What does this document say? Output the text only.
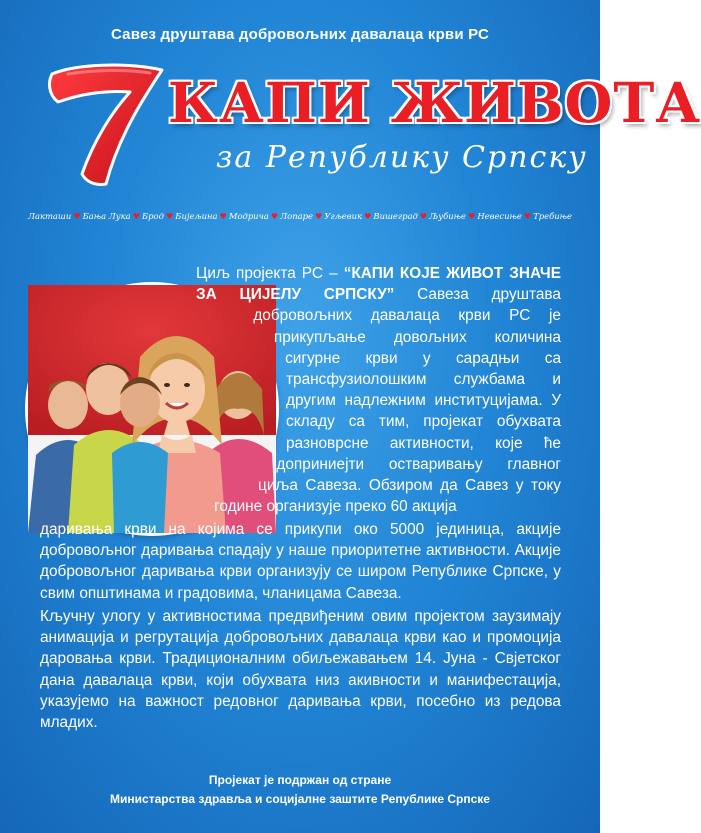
Савез друштава добровољних давалаца крви РС
КАПИ ЖИВОТА
за Републику Српску
Лакташи ♥ Бања Лука ♥ Брод ♥ Бијељина ♥ Модрича ♥ Лопаре ♥ Угљевик ♥ Вишеград ♥ Љубиње ♥ Невесиње ♥ Требиње

Циљ пројекта РС – “КАПИ КОЈЕ ЖИВОТ ЗНАЧЕ ЗА ЦИЈЕЛУ СРПСКУ” Савеза друштава добровољних давалаца крви РС је прикупљање довољних количина сигурне крви у сарадњи са трансфузиолошким службама и другим надлежним институцијама. У складу са тим, пројекат обухвата разноврсне активности, које ће доприниејти остваривању главног циља Савеза. Обзиром да Савез у току године организује преко 60 акција

даривања крви на којима се прикупи око 5000 јединица, акције добровољног даривања спадају у наше приоритетне активности. Акције добровољног даривања крви организују се широм Републике Српске, у свим општинама и градовима, чланицама Савеза.
Кључну улогу у активностима предвиђеним овим пројектом заузимају анимација и регрутација добровољних давалаца крви као и промоција даровања крви. Традиционалним обиљежавањем 14. Јуна - Свјетског дана давалаца крви, који обухвата низ акивности и манифестација, указујемо на важност редовног даривања крви, посебно из редова младих.
Пројекат је подржан од стране
Министарства здравља и социјалне заштите Републике Српске
